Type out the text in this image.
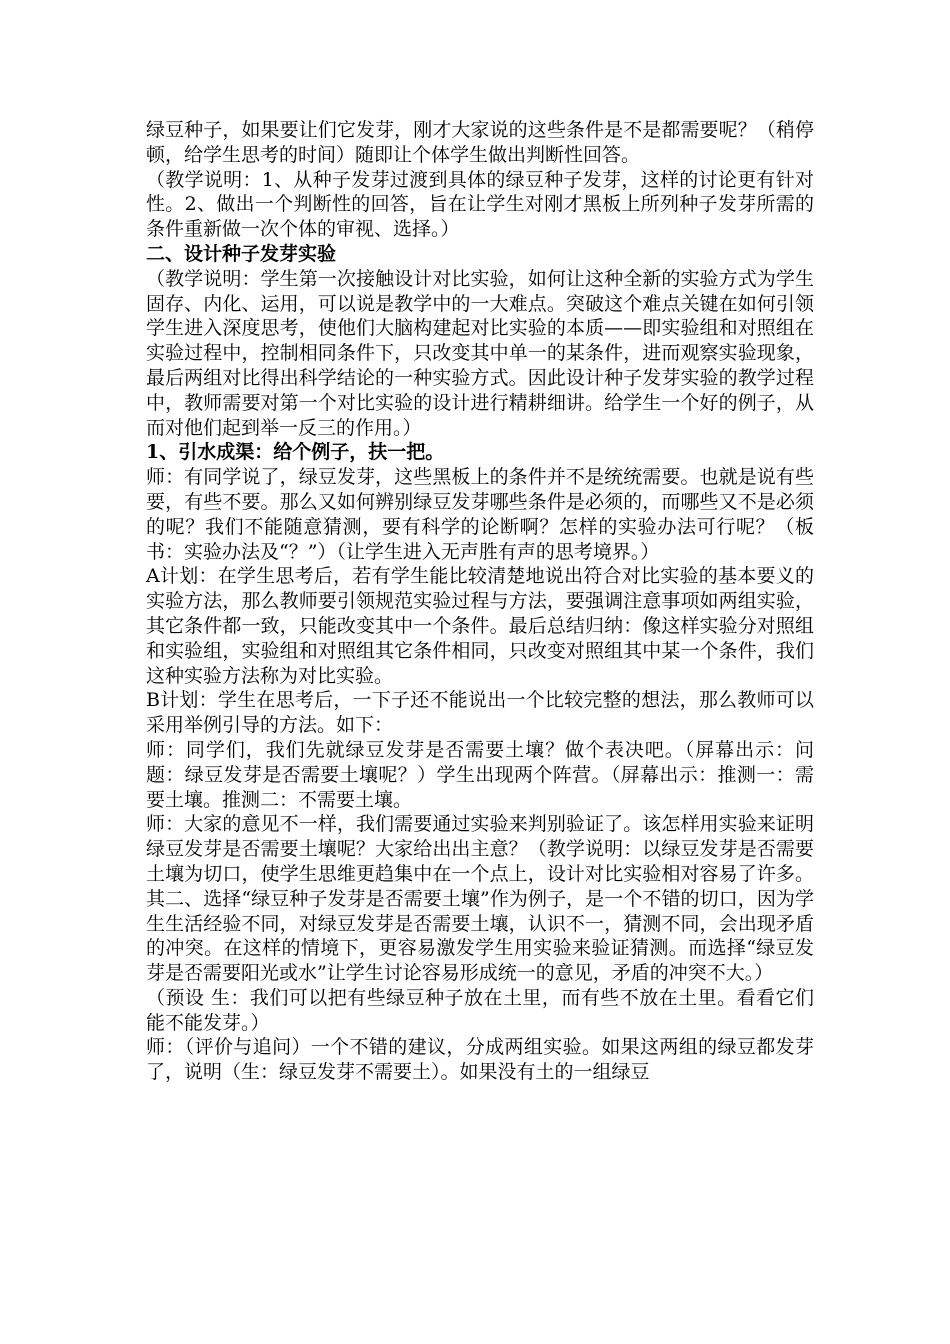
绿豆种子，如果要让们它发芽，刚才大家说的这些条件是不是都需要呢？（稍停顿，给学生思考的时间）随即让个体学生做出判断性回答。

（教学说明：1、从种子发芽过渡到具体的绿豆种子发芽，这样的讨论更有针对性。2、做出一个判断性的回答，旨在让学生对刚才黑板上所列种子发芽所需的条件重新做一次个体的审视、选择。）

二、设计种子发芽实验

（教学说明：学生第一次接触设计对比实验，如何让这种全新的实验方式为学生固存、内化、运用，可以说是教学中的一大难点。突破这个难点关键在如何引领学生进入深度思考，使他们大脑构建起对比实验的本质——即实验组和对照组在实验过程中，控制相同条件下，只改变其中单一的某条件，进而观察实验现象，最后两组对比得出科学结论的一种实验方式。因此设计种子发芽实验的教学过程中，教师需要对第一个对比实验的设计进行精耕细讲。给学生一个好的例子，从而对他们起到举一反三的作用。）

1、引水成渠：给个例子，扶一把。

师：有同学说了，绿豆发芽，这些黑板上的条件并不是统统需要。也就是说有些要，有些不要。那么又如何辨别绿豆发芽哪些条件是必须的，而哪些又不是必须的呢？我们不能随意猜测，要有科学的论断啊？怎样的实验办法可行呢？（板书：实验办法及“？”）（让学生进入无声胜有声的思考境界。）

A计划：在学生思考后，若有学生能比较清楚地说出符合对比实验的基本要义的实验方法，那么教师要引领规范实验过程与方法，要强调注意事项如两组实验，其它条件都一致，只能改变其中一个条件。最后总结归纳：像这样实验分对照组和实验组，实验组和对照组其它条件相同，只改变对照组其中某一个条件，我们这种实验方法称为对比实验。

B计划：学生在思考后，一下子还不能说出一个比较完整的想法，那么教师可以采用举例引导的方法。如下：

师：同学们，我们先就绿豆发芽是否需要土壤？做个表决吧。（屏幕出示：问题：绿豆发芽是否需要土壤呢？）学生出现两个阵营。（屏幕出示：推测一：需要土壤。推测二：不需要土壤。

师：大家的意见不一样，我们需要通过实验来判别验证了。该怎样用实验来证明绿豆发芽是否需要土壤呢？大家给出出主意？（教学说明：以绿豆发芽是否需要土壤为切口，使学生思维更趋集中在一个点上，设计对比实验相对容易了许多。其二、选择“绿豆种子发芽是否需要土壤”作为例子，是一个不错的切口，因为学生生活经验不同，对绿豆发芽是否需要土壤，认识不一，猜测不同，会出现矛盾的冲突。在这样的情境下，更容易激发学生用实验来验证猜测。而选择“绿豆发芽是否需要阳光或水”让学生讨论容易形成统一的意见，矛盾的冲突不大。）

（预设 生：我们可以把有些绿豆种子放在土里，而有些不放在土里。看看它们能不能发芽。）

师：（评价与追问）一个不错的建议，分成两组实验。如果这两组的绿豆都发芽了，说明（生：绿豆发芽不需要土）。如果没有土的一组绿豆
